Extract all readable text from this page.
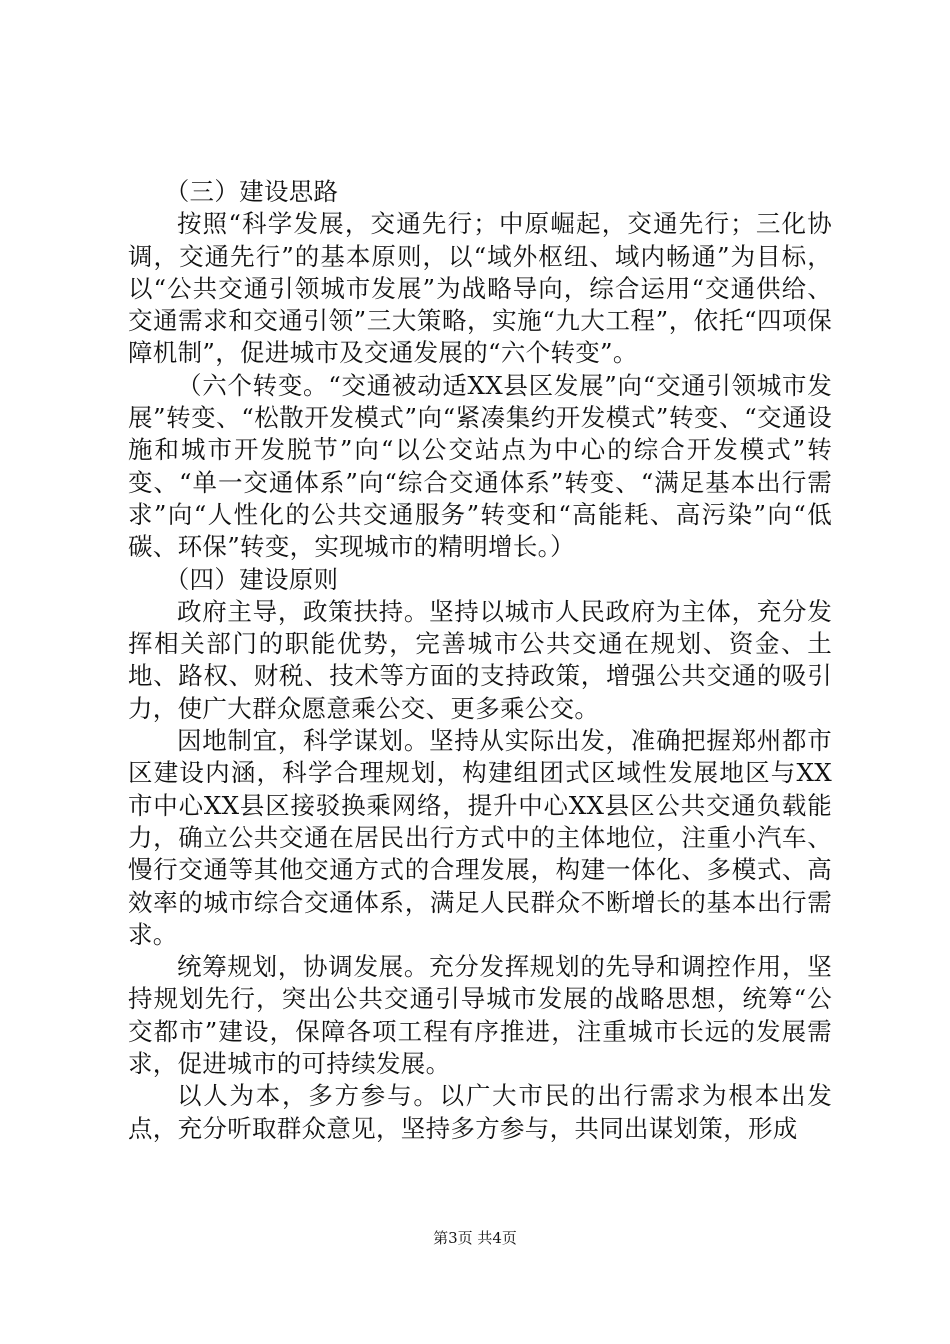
（三）建设思路

按照“科学发展，交通先行；中原崛起，交通先行；三化协调，交通先行”的基本原则，以“域外枢纽、域内畅通”为目标，以“公共交通引领城市发展”为战略导向，综合运用“交通供给、交通需求和交通引领”三大策略，实施“九大工程”，依托“四项保障机制”，促进城市及交通发展的“六个转变”。

（六个转变。“交通被动适XX县区发展”向“交通引领城市发展”转变、“松散开发模式”向“紧凑集约开发模式”转变、“交通设施和城市开发脱节”向“以公交站点为中心的综合开发模式”转变、“单一交通体系”向“综合交通体系”转变、“满足基本出行需求”向“人性化的公共交通服务”转变和“高能耗、高污染”向“低碳、环保”转变，实现城市的精明增长。）

（四）建设原则

政府主导，政策扶持。坚持以城市人民政府为主体，充分发挥相关部门的职能优势，完善城市公共交通在规划、资金、土地、路权、财税、技术等方面的支持政策，增强公共交通的吸引力，使广大群众愿意乘公交、更多乘公交。

因地制宜，科学谋划。坚持从实际出发，准确把握郑州都市区建设内涵，科学合理规划，构建组团式区域性发展地区与XX市中心XX县区接驳换乘网络，提升中心XX县区公共交通负载能力，确立公共交通在居民出行方式中的主体地位，注重小汽车、慢行交通等其他交通方式的合理发展，构建一体化、多模式、高效率的城市综合交通体系，满足人民群众不断增长的基本出行需求。

统筹规划，协调发展。充分发挥规划的先导和调控作用，坚持规划先行，突出公共交通引导城市发展的战略思想，统筹“公交都市”建设，保障各项工程有序推进，注重城市长远的发展需求，促进城市的可持续发展。

以人为本，多方参与。以广大市民的出行需求为根本出发点，充分听取群众意见，坚持多方参与，共同出谋划策，形成

第3页 共4页
